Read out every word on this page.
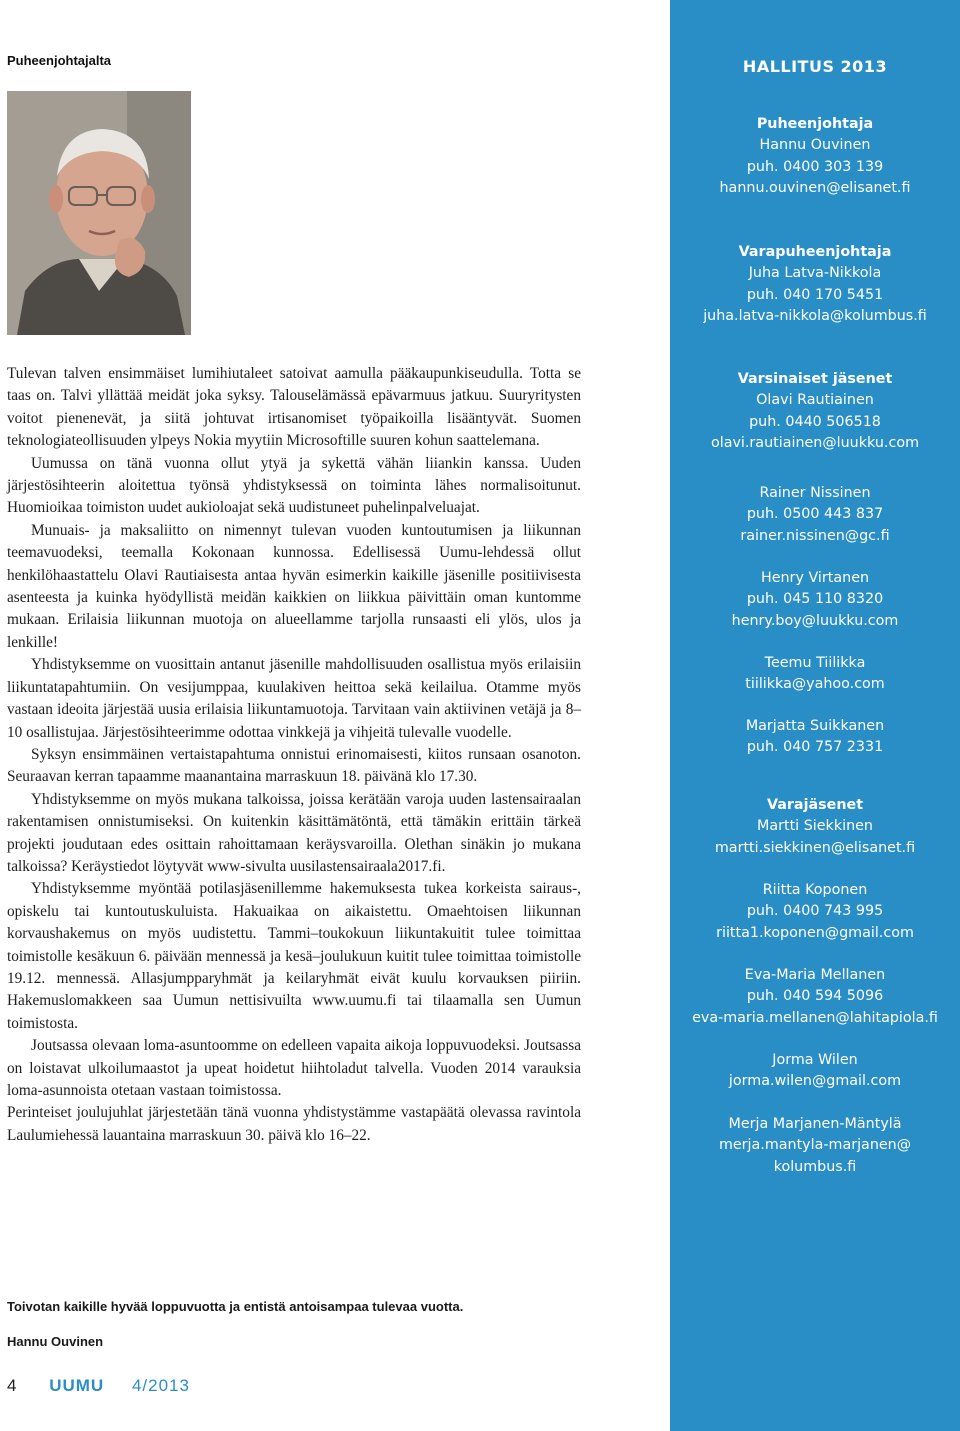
Puheenjohtajalta

Tulevan talven ensimmäiset lumihiutaleet satoivat aamulla pääkaupunkiseudulla. Totta se taas on. Talvi yllättää meidät joka syksy. Talouselämässä epävarmuus jatkuu. Suuryritysten voitot pienenevät, ja siitä johtuvat irtisanomiset työpaikoilla lisääntyvät. Suomen teknologiateollisuuden ylpeys Nokia myytiin Microsoftille suuren kohun saattelemana.

Uumussa on tänä vuonna ollut ytyä ja sykettä vähän liiankin kanssa. Uuden järjestösihteerin aloitettua työnsä yhdistyksessä on toiminta lähes normalisoitunut. Huomioikaa toimiston uudet aukioloajat sekä uudistuneet puhelinpalveluajat.

Munuais- ja maksaliitto on nimennyt tulevan vuoden kuntoutumisen ja liikunnan teemavuodeksi, teemalla Kokonaan kunnossa. Edellisessä Uumu-lehdessä ollut henkilöhaastattelu Olavi Rautiaisesta antaa hyvän esimerkin kaikille jäsenille positiivisesta asenteesta ja kuinka hyödyllistä meidän kaikkien on liikkua päivittäin oman kuntomme mukaan. Erilaisia liikunnan muotoja on alueellamme tarjolla runsaasti eli ylös, ulos ja lenkille!

Yhdistyksemme on vuosittain antanut jäsenille mahdollisuuden osallistua myös erilaisiin liikuntatapahtumiin. On vesijumppaa, kuulakiven heittoa sekä keilailua. Otamme myös vastaan ideoita järjestää uusia erilaisia liikuntamuotoja. Tarvitaan vain aktiivinen vetäjä ja 8–10 osallistujaa. Järjestösihteerimme odottaa vinkkejä ja vihjeitä tulevalle vuodelle.

Syksyn ensimmäinen vertaistapahtuma onnistui erinomaisesti, kiitos runsaan osanoton. Seuraavan kerran tapaamme maanantaina marraskuun 18. päivänä klo 17.30.

Yhdistyksemme on myös mukana talkoissa, joissa kerätään varoja uuden lastensairaalan rakentamisen onnistumiseksi. On kuitenkin käsittämätöntä, että tämäkin erittäin tärkeä projekti joudutaan edes osittain rahoittamaan keräysvaroilla. Olethan sinäkin jo mukana talkoissa? Keräystiedot löytyvät www-sivulta uusilastensairaala2017.fi.

Yhdistyksemme myöntää potilasjäsenillemme hakemuksesta tukea korkeista sairaus-, opiskelu tai kuntoutuskuluista. Hakuaikaa on aikaistettu. Omaehtoisen liikunnan korvaushakemus on myös uudistettu. Tammi–toukokuun liikuntakuitit tulee toimittaa toimistolle kesäkuun 6. päivään mennessä ja kesä–joulukuun kuitit tulee toimittaa toimistolle 19.12. mennessä. Allasjumpparyhmät ja keilaryhmät eivät kuulu korvauksen piiriin. Hakemuslomakkeen saa Uumun nettisivuilta www.uumu.fi tai tilaamalla sen Uumun toimistosta.

Joutsassa olevaan loma-asuntoomme on edelleen vapaita aikoja loppuvuodeksi. Joutsassa on loistavat ulkoilumaastot ja upeat hoidetut hiihtoladut talvella. Vuoden 2014 varauksia loma-asunnoista otetaan vastaan toimistossa.

Perinteiset joulujuhlat järjestetään tänä vuonna yhdistystämme vastapäätä olevassa ravintola Laulumiehessä lauantaina marraskuun 30. päivä klo 16–22.

Toivotan kaikille hyvää loppuvuotta ja entistä antoisampaa tulevaa vuotta.
Hannu Ouvinen
4 UUMU 4/2013
HALLITUS 2013
Puheenjohtaja
Hannu Ouvinen
puh. 0400 303 139
hannu.ouvinen@elisanet.fi
Varapuheenjohtaja
Juha Latva-Nikkola
puh. 040 170 5451
juha.latva-nikkola@kolumbus.fi
Varsinaiset jäsenet
Olavi Rautiainen
puh. 0440 506518
olavi.rautiainen@luukku.com
Rainer Nissinen
puh. 0500 443 837
rainer.nissinen@gc.fi
Henry Virtanen
puh. 045 110 8320
henry.boy@luukku.com
Teemu Tiilikka
tiilikka@yahoo.com
Marjatta Suikkanen
puh. 040 757 2331
Varajäsenet
Martti Siekkinen
martti.siekkinen@elisanet.fi
Riitta Koponen
puh. 0400 743 995
riitta1.koponen@gmail.com
Eva-Maria Mellanen
puh. 040 594 5096
eva-maria.mellanen@lahitapiola.fi
Jorma Wilen
jorma.wilen@gmail.com
Merja Marjanen-Mäntylä
merja.mantyla-marjanen@
kolumbus.fi
